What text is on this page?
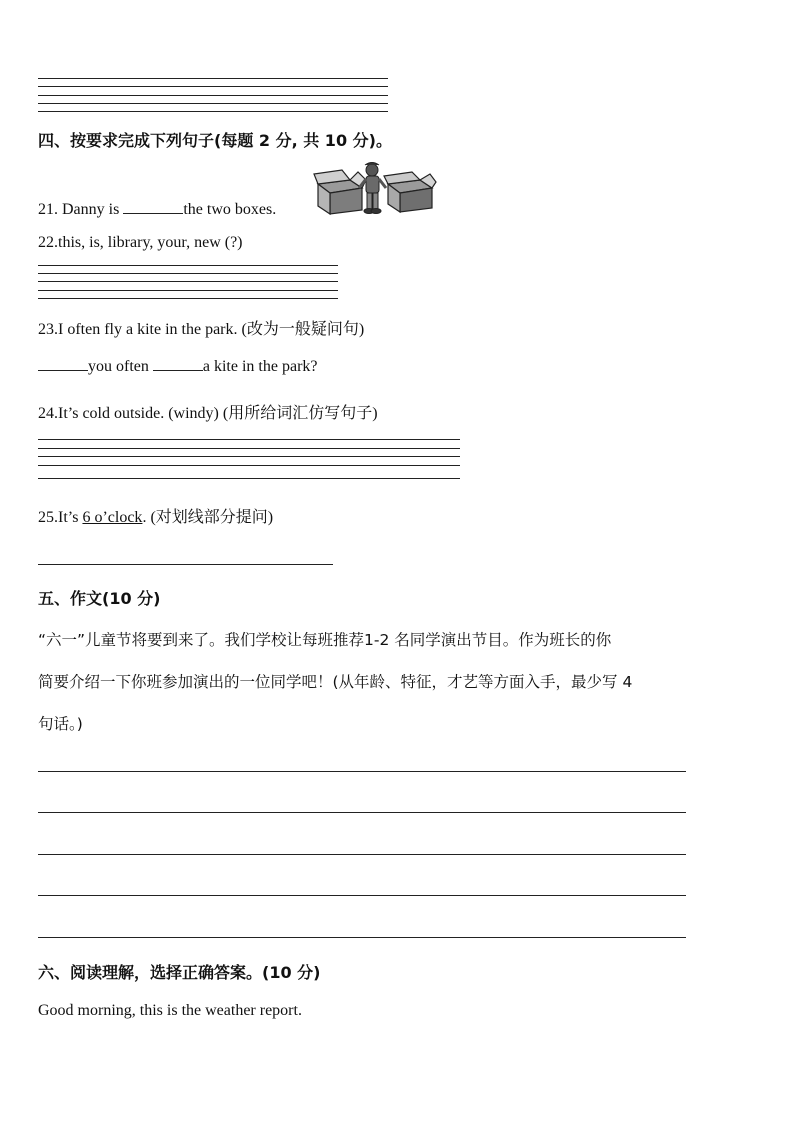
四、按要求完成下列句子(每题 2 分, 共 10 分)。
21. Danny is	the two boxes.
22.this, is, library, your, new (?)
23.I often fly a kite in the park. (改为一般疑问句)
you often	a kite in the park?
24.It’s cold outside. (windy) (用所给词汇仿写句子)
25.It’s 6 o’clock. (对划线部分提问)
五、作文(10 分)
“六一”儿童节将要到来了。我们学校让每班推荐1-2 名同学演出节目。作为班长的你
简要介绍一下你班参加演出的一位同学吧！(从年龄、特征，才艺等方面入手，最少写 4
句话。)
六、阅读理解，选择正确答案。(10 分)
Good morning, this is the weather report.
